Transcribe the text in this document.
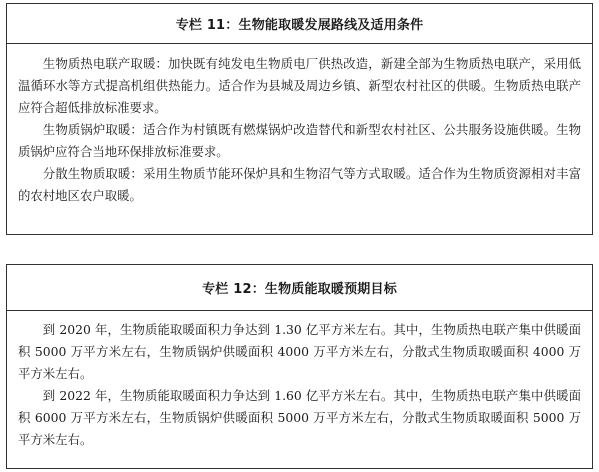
专栏 11：生物能取暖发展路线及适用条件

生物质热电联产取暖：加快既有纯发电生物质电厂供热改造，新建全部为生物质热电联产，采用低温循环水等方式提高机组供热能力。适合作为县城及周边乡镇、新型农村社区的供暖。生物质热电联产应符合超低排放标准要求。

生物质锅炉取暖：适合作为村镇既有燃煤锅炉改造替代和新型农村社区、公共服务设施供暖。生物质锅炉应符合当地环保排放标准要求。

分散生物质取暖：采用生物质节能环保炉具和生物沼气等方式取暖。适合作为生物质资源相对丰富的农村地区农户取暖。

专栏 12：生物质能取暖预期目标

到 2020 年，生物质能取暖面积力争达到 1.30 亿平方米左右。其中，生物质热电联产集中供暖面积 5000 万平方米左右，生物质锅炉供暖面积 4000 万平方米左右，分散式生物质取暖面积 4000 万平方米左右。

到 2022 年，生物质能取暖面积力争达到 1.60 亿平方米左右。其中，生物质热电联产集中供暖面积 6000 万平方米左右，生物质锅炉供暖面积 5000 万平方米左右，分散式生物质取暖面积 5000 万平方米左右。
